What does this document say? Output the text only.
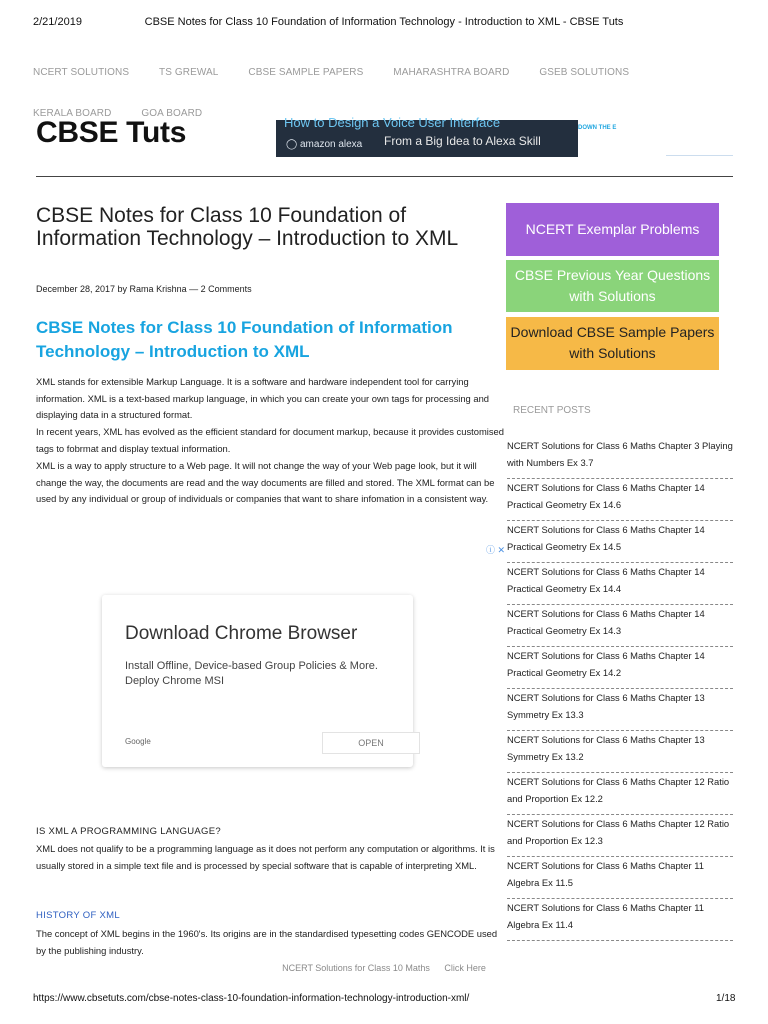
2/21/2019	CBSE Notes for Class 10 Foundation of Information Technology - Introduction to XML - CBSE Tuts
NCERT SOLUTIONS	TS GREWAL	CBSE SAMPLE PAPERS	MAHARASHTRA BOARD	GSEB SOLUTIONS KERALA BOARD	GOA BOARD
CBSE Tuts	How to Design a Voice User Interface
◯ amazon alexa From a Big Idea to Alexa Skill
DOWN THE E
CBSE Notes for Class 10 Foundation of Information Technology – Introduction to XML
December 28, 2017 by Rama Krishna — 2 Comments
CBSE Notes for Class 10 Foundation of Information Technology – Introduction to XML
XML stands for extensible Markup Language. It is a software and hardware independent tool for carrying information. XML is a text-based markup language, in which you can create your own tags for processing and displaying data in a structured format.
In recent years, XML has evolved as the efficient standard for document markup, because it provides customised tags to fobrmat and display textual information.
XML is a way to apply structure to a Web page. It will not change the way of your Web page look, but it will change the way, the documents are read and the way documents are filled and stored. The XML format can be used by any individual or group of individuals or companies that want to share infomation in a consistent way.
ⓘ ✕
Download Chrome Browser
Install Offline, Device-based Group Policies & More. Deploy Chrome MSI
Google	OPEN
IS XML A PROGRAMMING LANGUAGE?
XML does not qualify to be a programming language as it does not perform any computation or algorithms. It is usually stored in a simple text file and is processed by special software that is capable of interpreting XML.
HISTORY OF XML
The concept of XML begins in the 1960's. Its origins are in the standardised typesetting codes GENCODE used by the publishing industry.
NCERT Exemplar Problems
CBSE Previous Year Questions with Solutions
Download CBSE Sample Papers with Solutions
RECENT POSTS
NCERT Solutions for Class 6 Maths Chapter 3 Playing with Numbers Ex 3.7
NCERT Solutions for Class 6 Maths Chapter 14 Practical Geometry Ex 14.6
NCERT Solutions for Class 6 Maths Chapter 14 Practical Geometry Ex 14.5
NCERT Solutions for Class 6 Maths Chapter 14 Practical Geometry Ex 14.4
NCERT Solutions for Class 6 Maths Chapter 14 Practical Geometry Ex 14.3
NCERT Solutions for Class 6 Maths Chapter 14 Practical Geometry Ex 14.2
NCERT Solutions for Class 6 Maths Chapter 13 Symmetry Ex 13.3
NCERT Solutions for Class 6 Maths Chapter 13 Symmetry Ex 13.2
NCERT Solutions for Class 6 Maths Chapter 12 Ratio and Proportion Ex 12.2
NCERT Solutions for Class 6 Maths Chapter 12 Ratio and Proportion Ex 12.3
NCERT Solutions for Class 6 Maths Chapter 11 Algebra Ex 11.5
NCERT Solutions for Class 6 Maths Chapter 11 Algebra Ex 11.4
NCERT Solutions for Class 10 Maths Click Here
https://www.cbsetuts.com/cbse-notes-class-10-foundation-information-technology-introduction-xml/	1/18
